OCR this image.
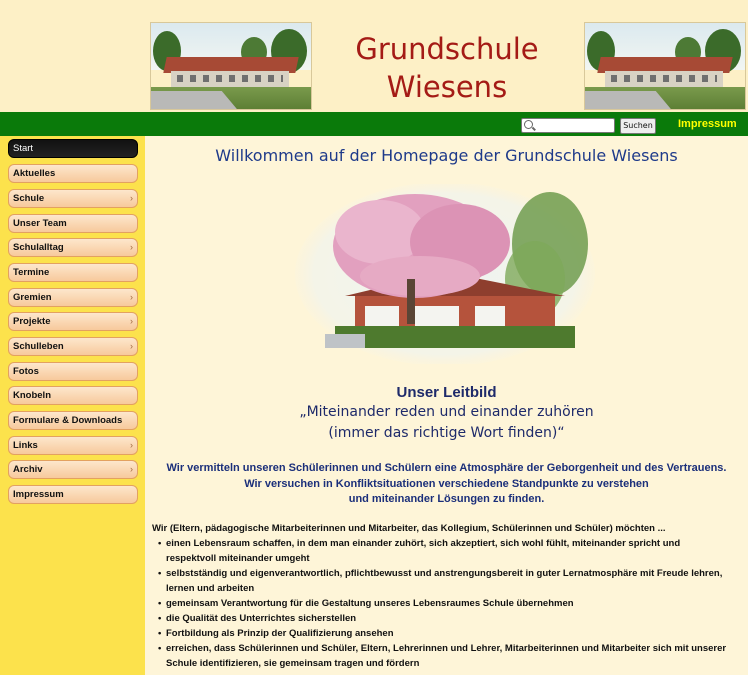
Grundschule
Wiesens
Suchen Impressum
Start
Aktuelles
Schule	›
Unser Team
Schulalltag	›
Termine
Gremien	›
Projekte	›
Schulleben	›
Fotos
Knobeln
Formulare & Downloads
Links	›
Archiv	›
Impressum
Willkommen auf der Homepage der Grundschule Wiesens
Unser Leitbild
„Miteinander reden und einander zuhören
(immer das richtige Wort finden)“
Wir vermitteln unseren Schülerinnen und Schülern eine Atmosphäre der Geborgenheit und des Vertrauens.
Wir versuchen in Konfliktsituationen verschiedene Standpunkte zu verstehen
und miteinander Lösungen zu finden.
Wir (Eltern, pädagogische Mitarbeiterinnen und Mitarbeiter, das Kollegium, Schülerinnen und Schüler) möchten ...
• einen Lebensraum schaffen, in dem man einander zuhört, sich akzeptiert, sich wohl fühlt, miteinander spricht und respektvoll miteinander umgeht
• selbstständig und eigenverantwortlich, pflichtbewusst und anstrengungsbereit in guter Lernatmosphäre mit Freude lehren, lernen und arbeiten
• gemeinsam Verantwortung für die Gestaltung unseres Lebensraumes Schule übernehmen
• die Qualität des Unterrichtes sicherstellen
• Fortbildung als Prinzip der Qualifizierung ansehen
• erreichen, dass Schülerinnen und Schüler, Eltern, Lehrerinnen und Lehrer, Mitarbeiterinnen und Mitarbeiter sich mit unserer Schule identifizieren, sie gemeinsam tragen und fördern
